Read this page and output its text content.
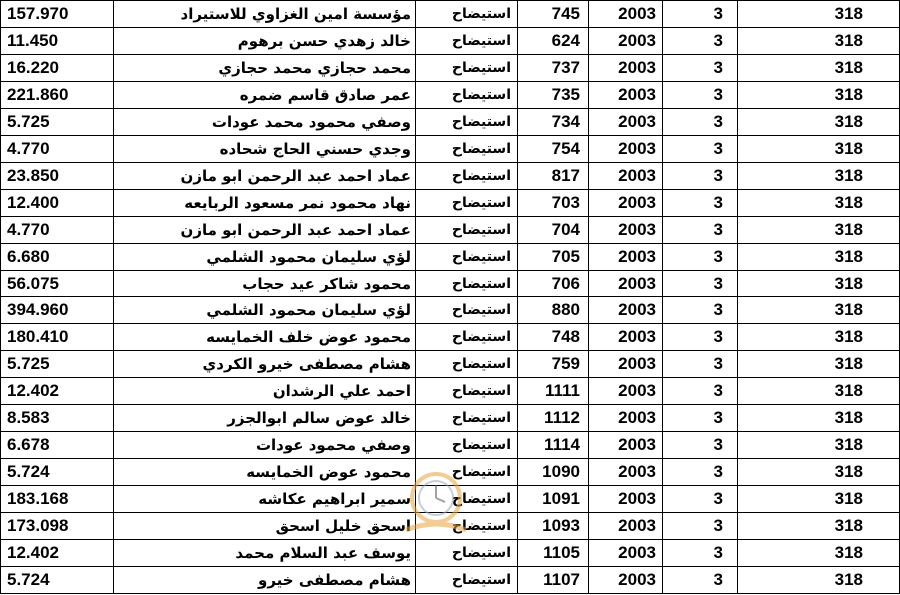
157.970	مؤسسة امين الغزاوي للاستيراد	استيضاح	745	2003	3	318
11.450	خالد زهدي حسن برهوم	استيضاح	624	2003	3	318
16.220	محمد حجازي محمد حجازي	استيضاح	737	2003	3	318
221.860	عمر صادق قاسم ضمره	استيضاح	735	2003	3	318
5.725	وصفي محمود محمد عودات	استيضاح	734	2003	3	318
4.770	وجدي حسني الحاج شحاده	استيضاح	754	2003	3	318
23.850	عماد احمد عبد الرحمن ابو مازن	استيضاح	817	2003	3	318
12.400	نهاد محمود نمر مسعود الربايعه	استيضاح	703	2003	3	318
4.770	عماد احمد عبد الرحمن ابو مازن	استيضاح	704	2003	3	318
6.680	لؤي سليمان محمود الشلمي	استيضاح	705	2003	3	318
56.075	محمود شاكر عيد حجاب	استيضاح	706	2003	3	318
394.960	لؤي سليمان محمود الشلمي	استيضاح	880	2003	3	318
180.410	محمود عوض خلف الخمايسه	استيضاح	748	2003	3	318
5.725	هشام مصطفى خيرو الكردي	استيضاح	759	2003	3	318
12.402	احمد علي الرشدان	استيضاح	1111	2003	3	318
8.583	خالد عوض سالم ابوالجزر	استيضاح	1112	2003	3	318
6.678	وصفي محمود عودات	استيضاح	1114	2003	3	318
5.724	محمود عوض الخمايسه	استيضاح	1090	2003	3	318
183.168	سمير ابراهيم عكاشه	استيضاح	1091	2003	3	318
173.098	اسحق خليل اسحق	استيضاح	1093	2003	3	318
12.402	يوسف عبد السلام محمد	استيضاح	1105	2003	3	318
5.724	هشام مصطفى خيرو	استيضاح	1107	2003	3	318
